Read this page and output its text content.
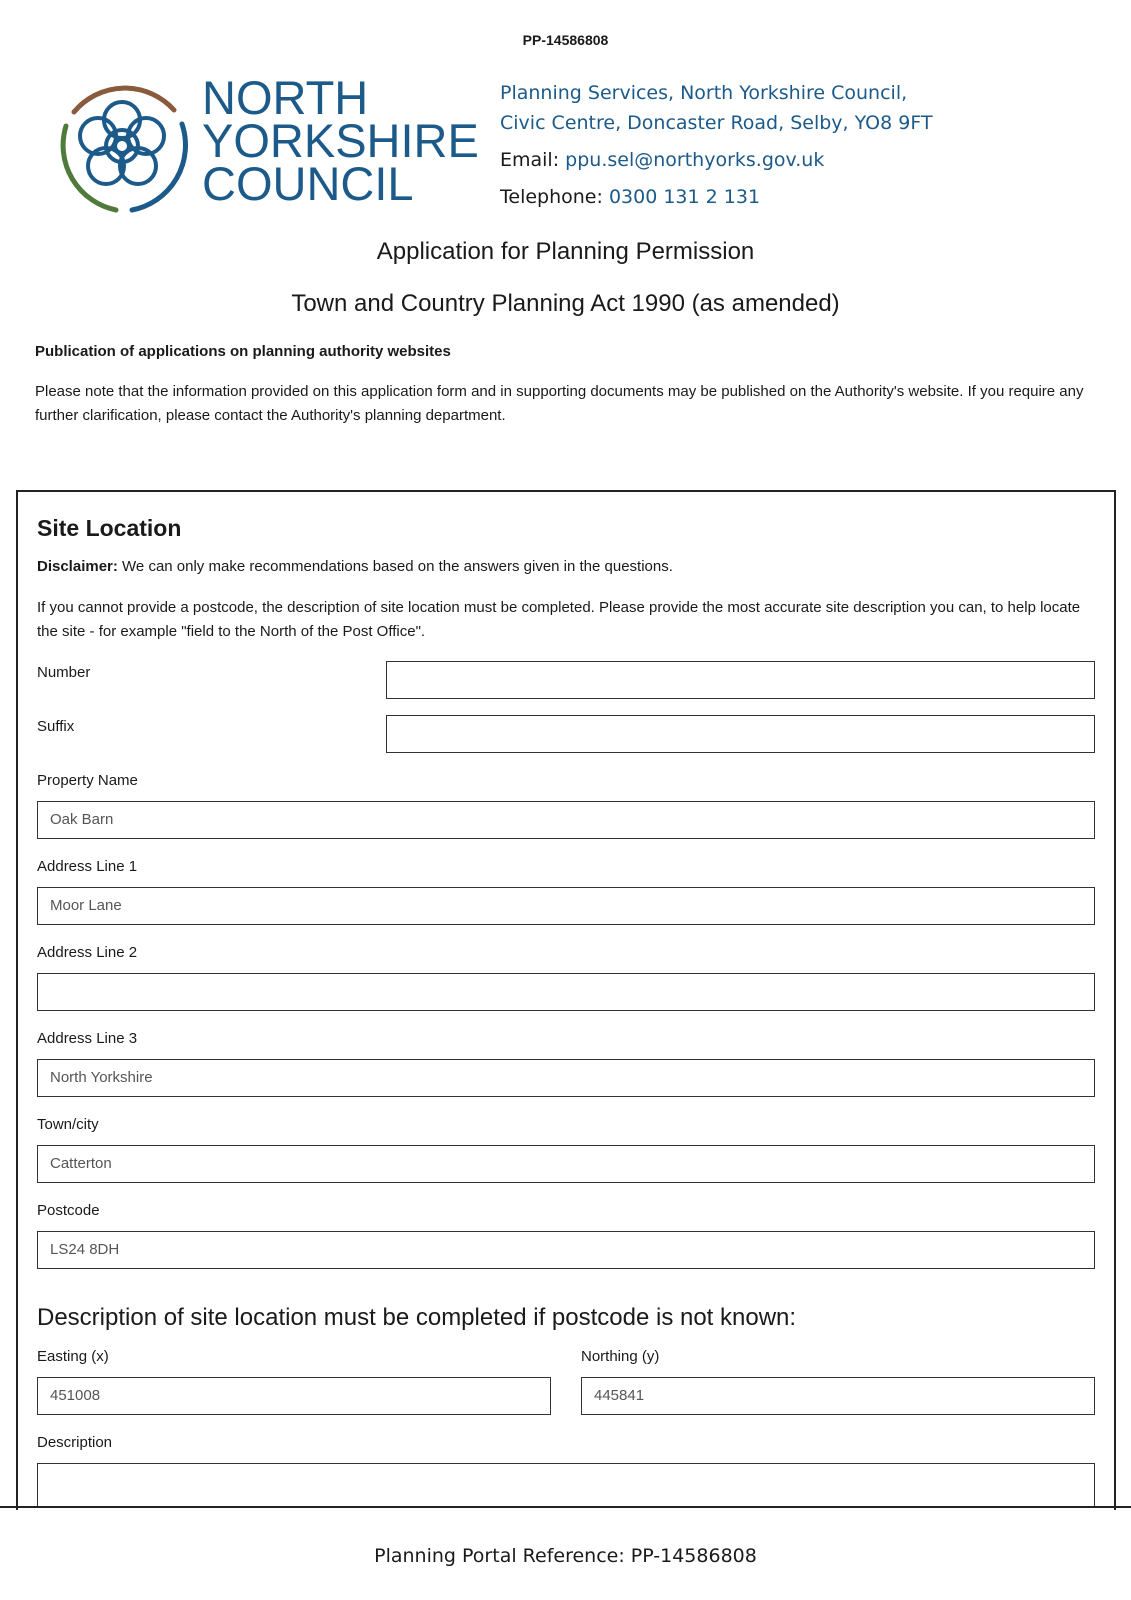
PP-14586808
NORTH
YORKSHIRE
COUNCIL
Planning Services, North Yorkshire Council,
Civic Centre, Doncaster Road, Selby, YO8 9FT
Email: ppu.sel@northyorks.gov.uk
Telephone: 0300 131 2 131
Application for Planning Permission
Town and Country Planning Act 1990 (as amended)
Publication of applications on planning authority websites
Please note that the information provided on this application form and in supporting documents may be published on the Authority's website. If you require any further clarification, please contact the Authority's planning department.
Site Location
Disclaimer: We can only make recommendations based on the answers given in the questions.
If you cannot provide a postcode, the description of site location must be completed. Please provide the most accurate site description you can, to help locate the site - for example "field to the North of the Post Office".
Number
Suffix
Property Name
Oak Barn
Address Line 1
Moor Lane
Address Line 2
Address Line 3
North Yorkshire
Town/city
Catterton
Postcode
LS24 8DH
Description of site location must be completed if postcode is not known:
Easting (x)
451008
Northing (y)
445841
Description
Planning Portal Reference: PP-14586808
